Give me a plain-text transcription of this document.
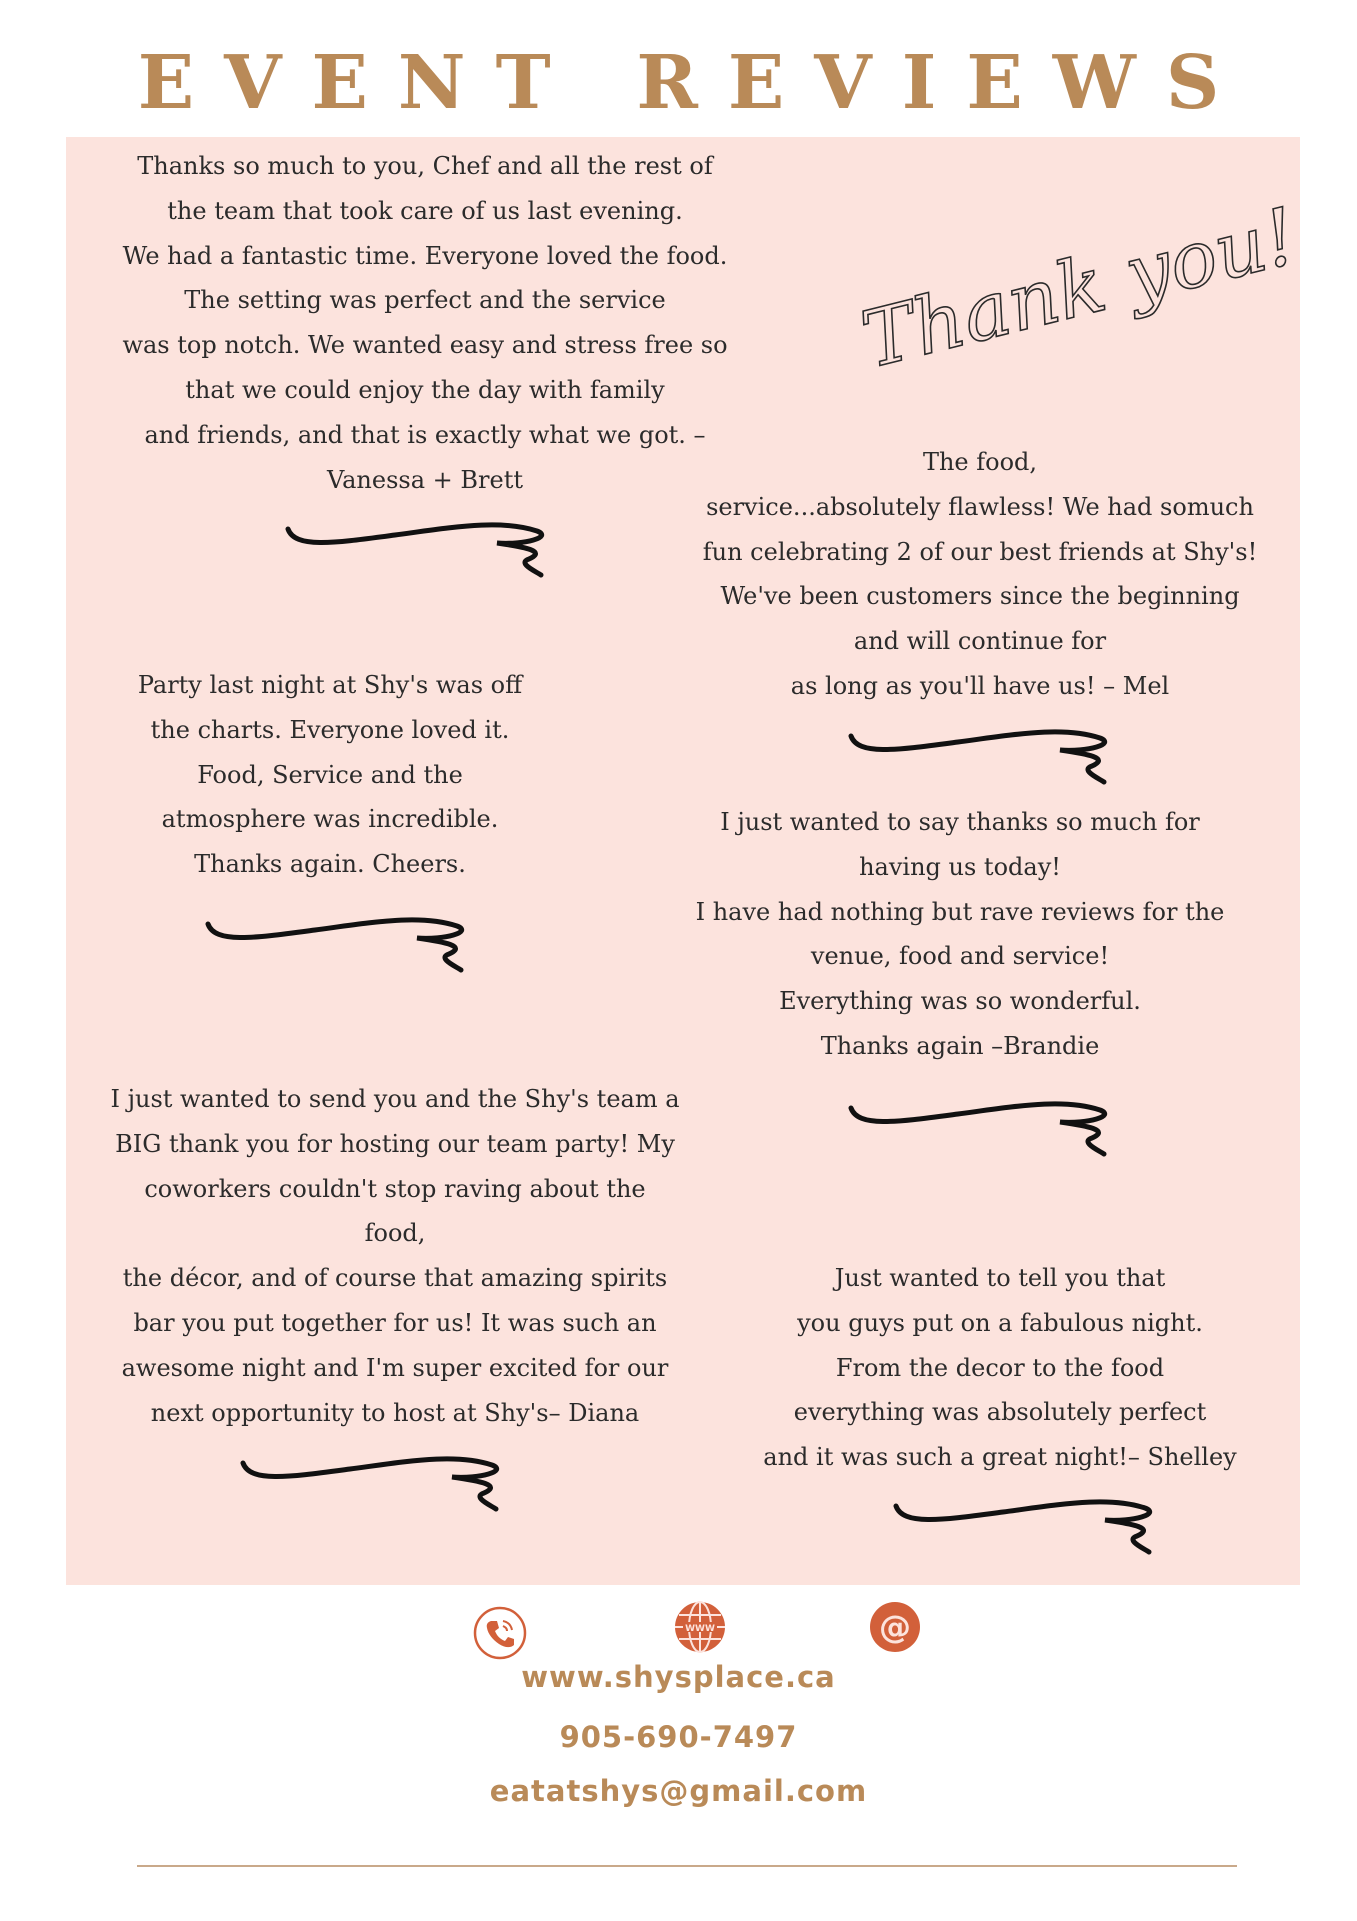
EVENT REVIEWS
Thank you!

Thanks so much to you, Chef and all the rest of
the team that took care of us last evening.
We had a fantastic time. Everyone loved the food.
The setting was perfect and the service
was top notch. We wanted easy and stress free so
that we could enjoy the day with family
and friends, and that is exactly what we got. –
Vanessa + Brett

The food,
service...absolutely flawless! We had somuch
fun celebrating 2 of our best friends at Shy's!
We've been customers since the beginning
and will continue for
as long as you'll have us! – Mel

Party last night at Shy's was off
the charts. Everyone loved it.
Food, Service and the
atmosphere was incredible.
Thanks again. Cheers.

I just wanted to say thanks so much for
having us today!
I have had nothing but rave reviews for the
venue, food and service!
Everything was so wonderful.
Thanks again –Brandie

I just wanted to send you and the Shy's team a
BIG thank you for hosting our team party! My
coworkers couldn't stop raving about the
food,
the décor, and of course that amazing spirits
bar you put together for us! It was such an
awesome night and I'm super excited for our
next opportunity to host at Shy's– Diana

Just wanted to tell you that
you guys put on a fabulous night.
From the decor to the food
everything was absolutely perfect
and it was such a great night!– Shelley

WWW	@
www.shysplace.ca
905-690-7497
eatatshys@gmail.com
